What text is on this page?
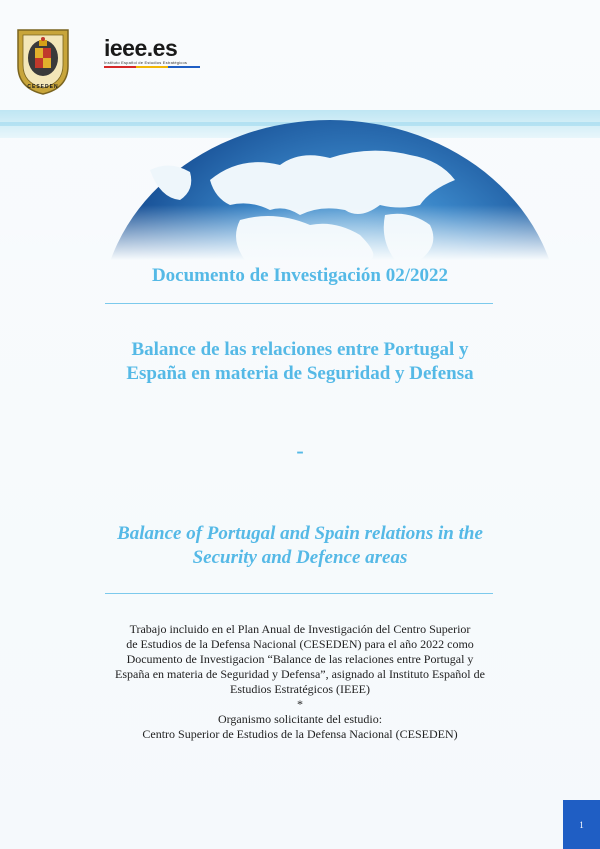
CESEDEN
ieee.es
Instituto Español de Estudios Estratégicos
Documento de Investigación 02/2022
Balance de las relaciones entre Portugal y
España en materia de Seguridad y Defensa
-
Balance of Portugal and Spain relations in the
Security and Defence areas
Trabajo incluido en el Plan Anual de Investigación del Centro Superior
de Estudios de la Defensa Nacional (CESEDEN) para el año 2022 como
Documento de Investigacion “Balance de las relaciones entre Portugal y
España en materia de Seguridad y Defensa”, asignado al Instituto Español de
Estudios Estratégicos (IEEE)
*
Organismo solicitante del estudio:
Centro Superior de Estudios de la Defensa Nacional (CESEDEN)
1
